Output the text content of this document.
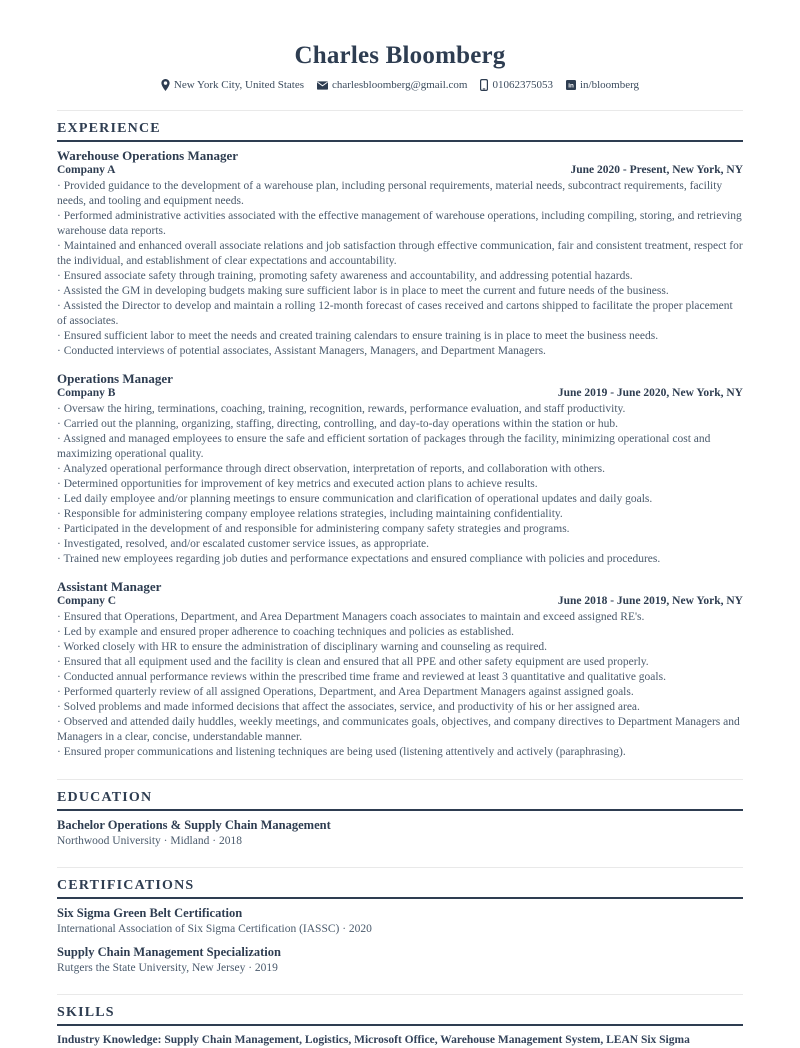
Charles Bloomberg
New York City, United States	charlesbloomberg@gmail.com 01062375053 in in/bloomberg
EXPERIENCE
Warehouse Operations Manager
Company A	June 2020 - Present, New York, NY
· Provided guidance to the development of a warehouse plan, including personal requirements, material needs, subcontract requirements, facility needs, and tooling and equipment needs.
· Performed administrative activities associated with the effective management of warehouse operations, including compiling, storing, and retrieving warehouse data reports.
· Maintained and enhanced overall associate relations and job satisfaction through effective communication, fair and consistent treatment, respect for the individual, and establishment of clear expectations and accountability.
· Ensured associate safety through training, promoting safety awareness and accountability, and addressing potential hazards.
· Assisted the GM in developing budgets making sure sufficient labor is in place to meet the current and future needs of the business.
· Assisted the Director to develop and maintain a rolling 12-month forecast of cases received and cartons shipped to facilitate the proper placement of associates.
· Ensured sufficient labor to meet the needs and created training calendars to ensure training is in place to meet the business needs.
· Conducted interviews of potential associates, Assistant Managers, Managers, and Department Managers.
Operations Manager
Company B	June 2019 - June 2020, New York, NY
· Oversaw the hiring, terminations, coaching, training, recognition, rewards, performance evaluation, and staff productivity.
· Carried out the planning, organizing, staffing, directing, controlling, and day-to-day operations within the station or hub.
· Assigned and managed employees to ensure the safe and efficient sortation of packages through the facility, minimizing operational cost and maximizing operational quality.
· Analyzed operational performance through direct observation, interpretation of reports, and collaboration with others.
· Determined opportunities for improvement of key metrics and executed action plans to achieve results.
· Led daily employee and/or planning meetings to ensure communication and clarification of operational updates and daily goals.
· Responsible for administering company employee relations strategies, including maintaining confidentiality.
· Participated in the development of and responsible for administering company safety strategies and programs.
· Investigated, resolved, and/or escalated customer service issues, as appropriate.
· Trained new employees regarding job duties and performance expectations and ensured compliance with policies and procedures.
Assistant Manager
Company C	June 2018 - June 2019, New York, NY
· Ensured that Operations, Department, and Area Department Managers coach associates to maintain and exceed assigned RE's.
· Led by example and ensured proper adherence to coaching techniques and policies as established.
· Worked closely with HR to ensure the administration of disciplinary warning and counseling as required.
· Ensured that all equipment used and the facility is clean and ensured that all PPE and other safety equipment are used properly.
· Conducted annual performance reviews within the prescribed time frame and reviewed at least 3 quantitative and qualitative goals.
· Performed quarterly review of all assigned Operations, Department, and Area Department Managers against assigned goals.
· Solved problems and made informed decisions that affect the associates, service, and productivity of his or her assigned area.
· Observed and attended daily huddles, weekly meetings, and communicates goals, objectives, and company directives to Department Managers and Managers in a clear, concise, understandable manner.
· Ensured proper communications and listening techniques are being used (listening attentively and actively (paraphrasing).
EDUCATION
Bachelor Operations & Supply Chain Management
Northwood University · Midland · 2018
CERTIFICATIONS
Six Sigma Green Belt Certification
International Association of Six Sigma Certification (IASSC) · 2020
Supply Chain Management Specialization
Rutgers the State University, New Jersey · 2019
SKILLS
Industry Knowledge: Supply Chain Management, Logistics, Microsoft Office, Warehouse Management System, LEAN Six Sigma
